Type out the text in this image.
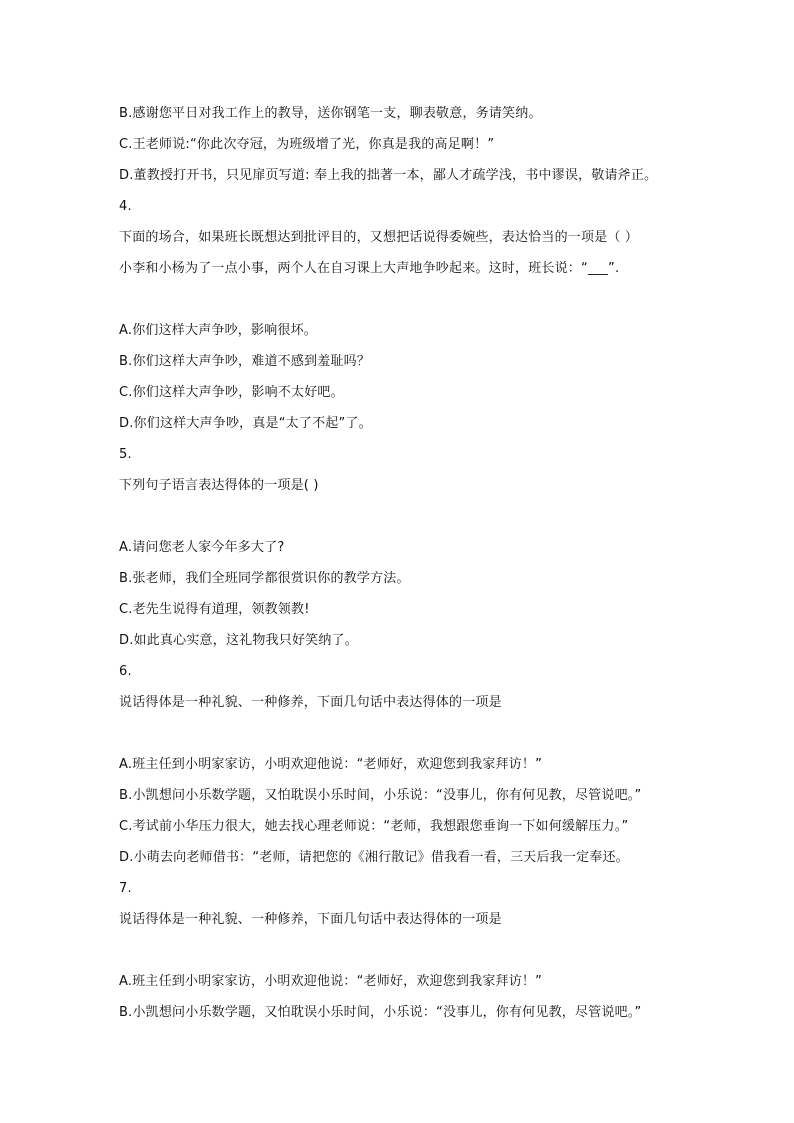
B.感谢您平日对我工作上的教导，送你钢笔一支，聊表敬意，务请笑纳。
C.王老师说:“你此次夺冠，为班级增了光，你真是我的高足啊！”
D.董教授打开书，只见扉页写道: 奉上我的拙著一本，鄙人才疏学浅，书中谬误，敬请斧正。
4.
下面的场合，如果班长既想达到批评目的，又想把话说得委婉些，表达恰当的一项是（ ）
小李和小杨为了一点小事，两个人在自习课上大声地争吵起来。这时，班长说：“___”.
A.你们这样大声争吵，影响很坏。
B.你们这样大声争吵，难道不感到羞耻吗？
C.你们这样大声争吵，影响不太好吧。
D.你们这样大声争吵，真是“太了不起”了。
5.
下列句子语言表达得体的一项是( )
A.请问您老人家今年多大了?
B.张老师，我们全班同学都很赏识你的教学方法。
C.老先生说得有道理，领教领教!
D.如此真心实意，这礼物我只好笑纳了。
6.
说话得体是一种礼貌、一种修养，下面几句话中表达得体的一项是
A.班主任到小明家家访，小明欢迎他说：“老师好，欢迎您到我家拜访！”
B.小凯想问小乐数学题，又怕耽误小乐时间，小乐说：“没事儿，你有何见教，尽管说吧。”
C.考试前小华压力很大，她去找心理老师说：“老师，我想跟您垂询一下如何缓解压力。”
D.小萌去向老师借书：“老师，请把您的《湘行散记》借我看一看，三天后我一定奉还。
7.
说话得体是一种礼貌、一种修养，下面几句话中表达得体的一项是
A.班主任到小明家家访，小明欢迎他说：“老师好，欢迎您到我家拜访！”
B.小凯想问小乐数学题，又怕耽误小乐时间，小乐说：“没事儿，你有何见教，尽管说吧。”
